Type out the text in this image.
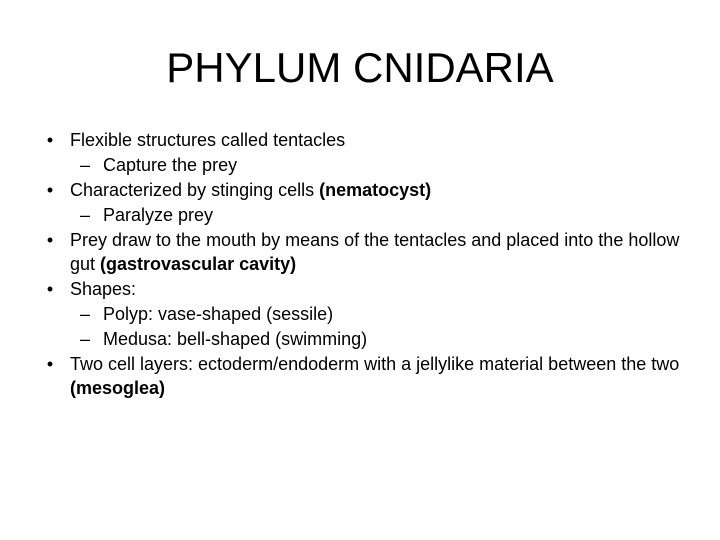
PHYLUM CNIDARIA
• Flexible structures called tentacles
– Capture the prey
• Characterized by stinging cells (nematocyst)
– Paralyze prey
• Prey draw to the mouth by means of the tentacles and placed into the hollow gut (gastrovascular cavity)
• Shapes:
– Polyp: vase-shaped (sessile)
– Medusa: bell-shaped (swimming)
• Two cell layers: ectoderm/endoderm with a jellylike material between the two (mesoglea)
